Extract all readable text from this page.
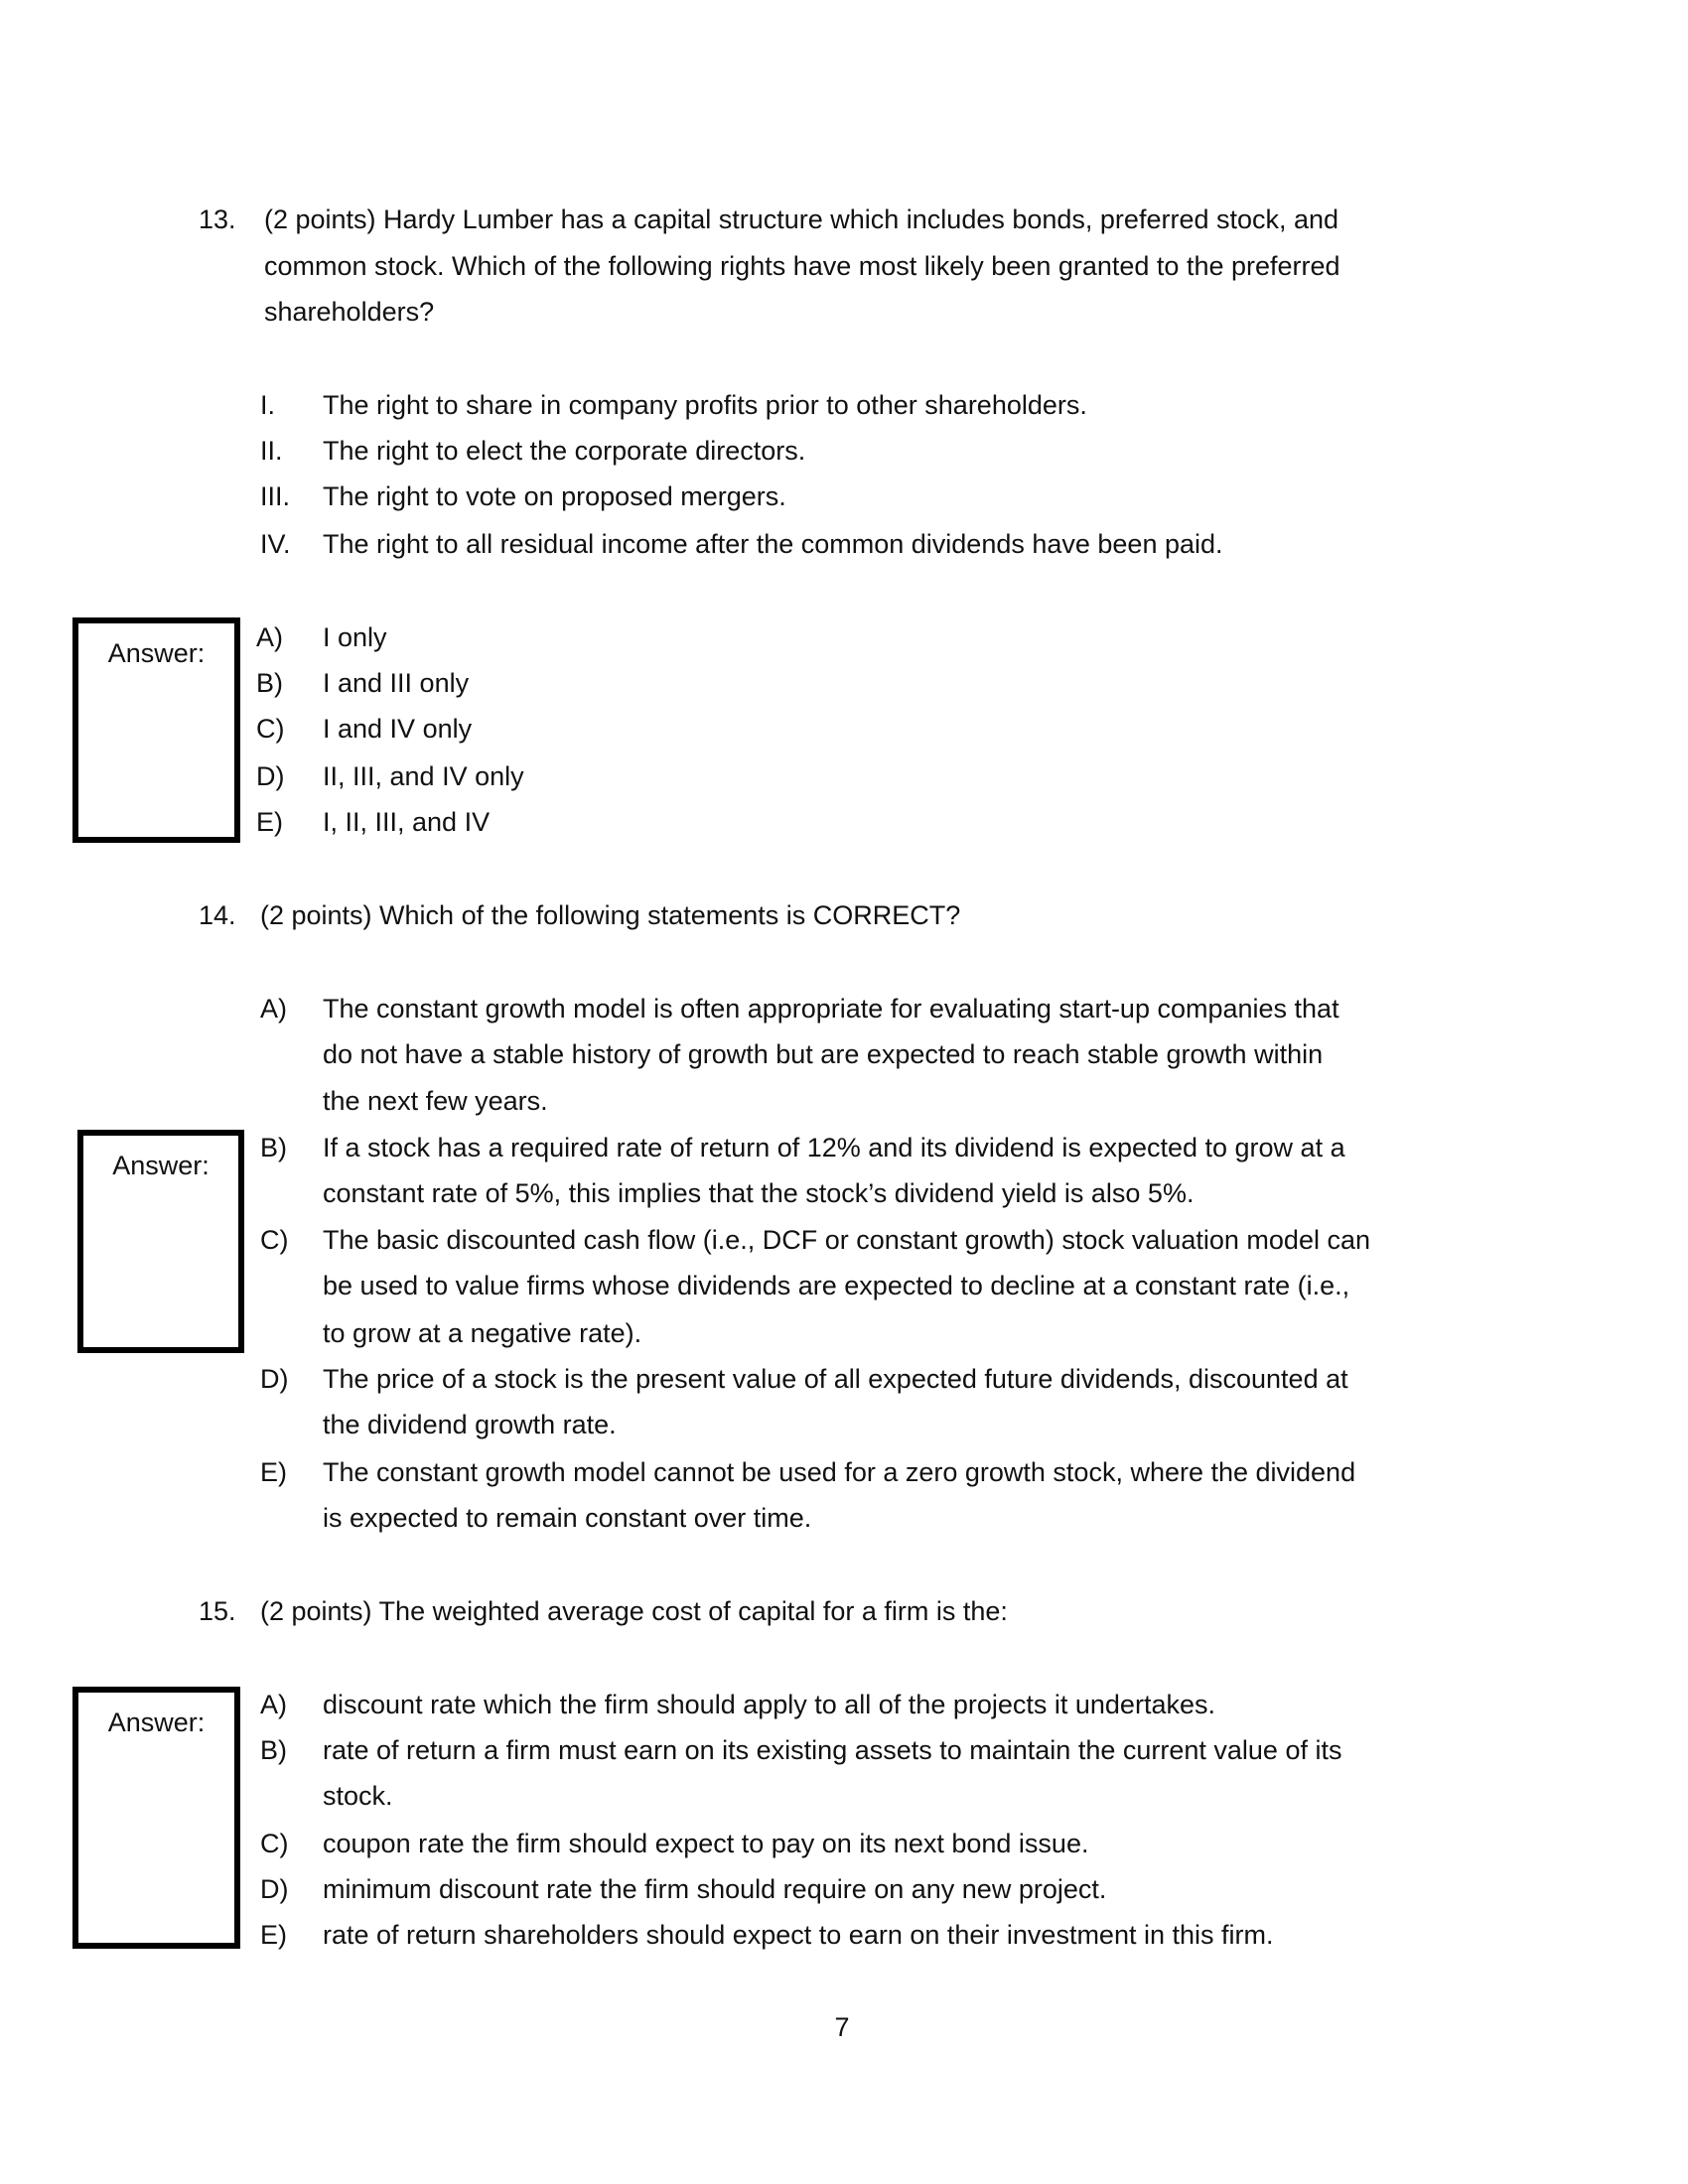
13. (2 points) Hardy Lumber has a capital structure which includes bonds, preferred stock, and
common stock. Which of the following rights have most likely been granted to the preferred
shareholders?
I. The right to share in company profits prior to other shareholders.
II. The right to elect the corporate directors.
III. The right to vote on proposed mergers.
IV. The right to all residual income after the common dividends have been paid.
Answer:
A) I only
B) I and III only
C) I and IV only
D) II, III, and IV only
E) I, II, III, and IV
14. (2 points) Which of the following statements is CORRECT?
Answer:
A) The constant growth model is often appropriate for evaluating start-up companies that
do not have a stable history of growth but are expected to reach stable growth within
the next few years.
B) If a stock has a required rate of return of 12% and its dividend is expected to grow at a
constant rate of 5%, this implies that the stock’s dividend yield is also 5%.
C) The basic discounted cash flow (i.e., DCF or constant growth) stock valuation model can
be used to value firms whose dividends are expected to decline at a constant rate (i.e.,
to grow at a negative rate).
D) The price of a stock is the present value of all expected future dividends, discounted at
the dividend growth rate.
E) The constant growth model cannot be used for a zero growth stock, where the dividend
is expected to remain constant over time.
15. (2 points) The weighted average cost of capital for a firm is the:
Answer:
A) discount rate which the firm should apply to all of the projects it undertakes.
B) rate of return a firm must earn on its existing assets to maintain the current value of its
stock.
C) coupon rate the firm should expect to pay on its next bond issue.
D) minimum discount rate the firm should require on any new project.
E) rate of return shareholders should expect to earn on their investment in this firm.
7
